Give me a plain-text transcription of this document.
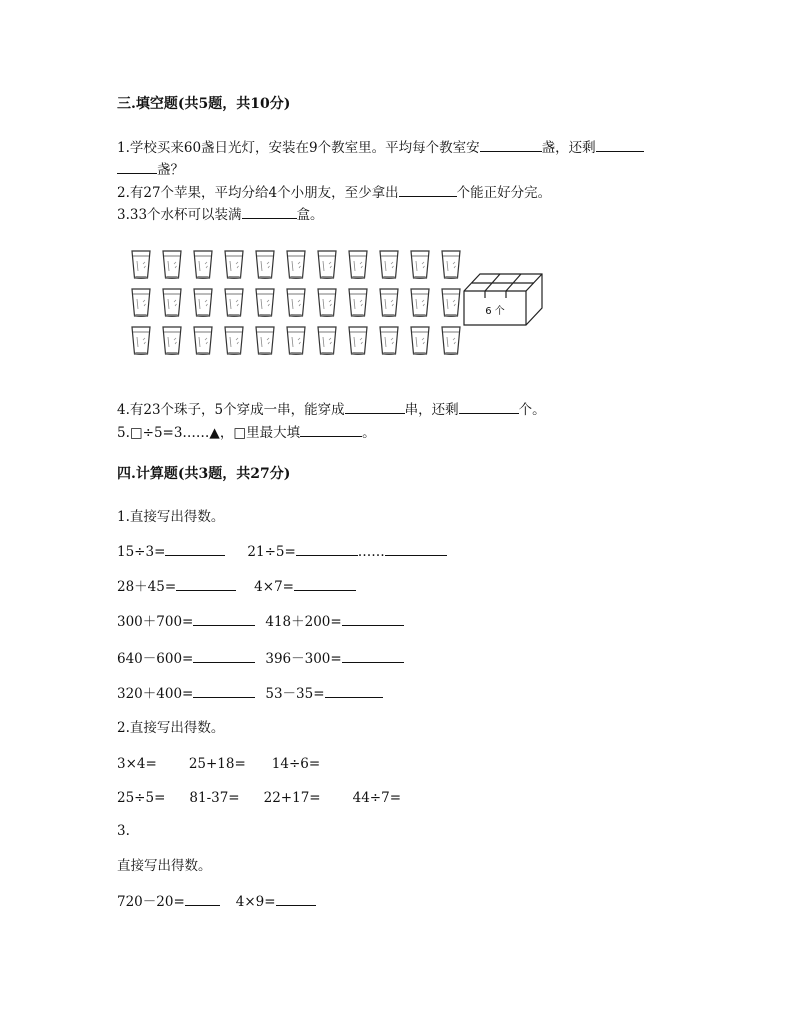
三.填空题(共5题，共10分)
1.学校买来60盏日光灯，安装在9个教室里。平均每个教室安	盏，还剩
盏？
2.有27个苹果，平均分给4个小朋友，至少拿出	个能正好分完。
3.33个水杯可以装满	盒。
6 个
4.有23个珠子，5个穿成一串，能穿成	串，还剩	个。
5.□÷5=3……▲，□里最大填	。
四.计算题(共3题，共27分)
1.直接写出得数。
15÷3=	21÷5=	……
28＋45=	4×7=
300＋700=	418＋200=
640－600=	396－300=
320＋400=	53－35=
2.直接写出得数。
3×4= 25+18= 14÷6=
25÷5= 81-37= 22+17= 44÷7=
3.
直接写出得数。
720－20=	4×9=
